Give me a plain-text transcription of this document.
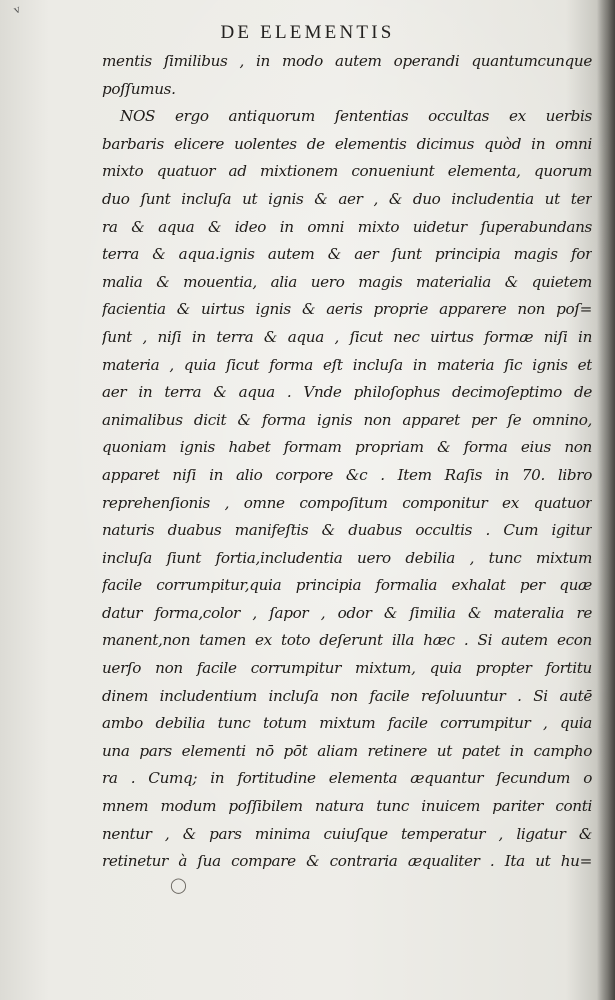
v
DE ELEMENTIS
mentis ſimilibus , in modo autem operandi quantumcunque
poſſumus.
NOS ergo antiquorum ſententias occultas ex uerbis
barbaris elicere uolentes de elementis dicimus quòd in omni
mixto quatuor ad mixtionem conueniunt elementa, quorum
duo ſunt incluſa ut ignis & aer , & duo includentia ut ter
ra & aqua & ideo in omni mixto uidetur ſuperabundans
terra & aqua.ignis autem & aer ſunt principia magis for
malia & mouentia, alia uero magis materialia & quietem
facientia & uirtus ignis & aeris proprie apparere non poſ=
ſunt , niſi in terra & aqua , ſicut nec uirtus formæ niſi in
materia , quia ſicut forma eſt incluſa in materia ſic ignis et
aer in terra & aqua . Vnde philoſophus decimoſeptimo de
animalibus dicit & forma ignis non apparet per ſe omnino,
quoniam ignis habet formam propriam & forma eius non
apparet niſi in alio corpore &c . Item Raſis in 70. libro
reprehenſionis , omne compoſitum componitur ex quatuor
naturis duabus manifeſtis & duabus occultis . Cum igitur
incluſa ſiunt fortia,includentia uero debilia , tunc mixtum
facile corrumpitur,quia principia formalia exhalat per quæ
datur forma,color , ſapor , odor & ſimilia & materalia re
manent,non tamen ex toto deſerunt illa hæc . Si autem econ
uerſo non facile corrumpitur mixtum, quia propter fortitu
dinem includentium incluſa non facile reſoluuntur . Si autē
ambo debilia tunc totum mixtum facile corrumpitur , quia
una pars elementi nō pōt aliam retinere ut patet in campho
ra . Cumq; in fortitudine elementa æquantur ſecundum o
mnem modum poſſibilem natura tunc inuicem pariter conti
nentur , & pars minima cuiuſque temperatur , ligatur &
retinetur à ſua compare & contraria æqualiter . Ita ut hu=
◯
